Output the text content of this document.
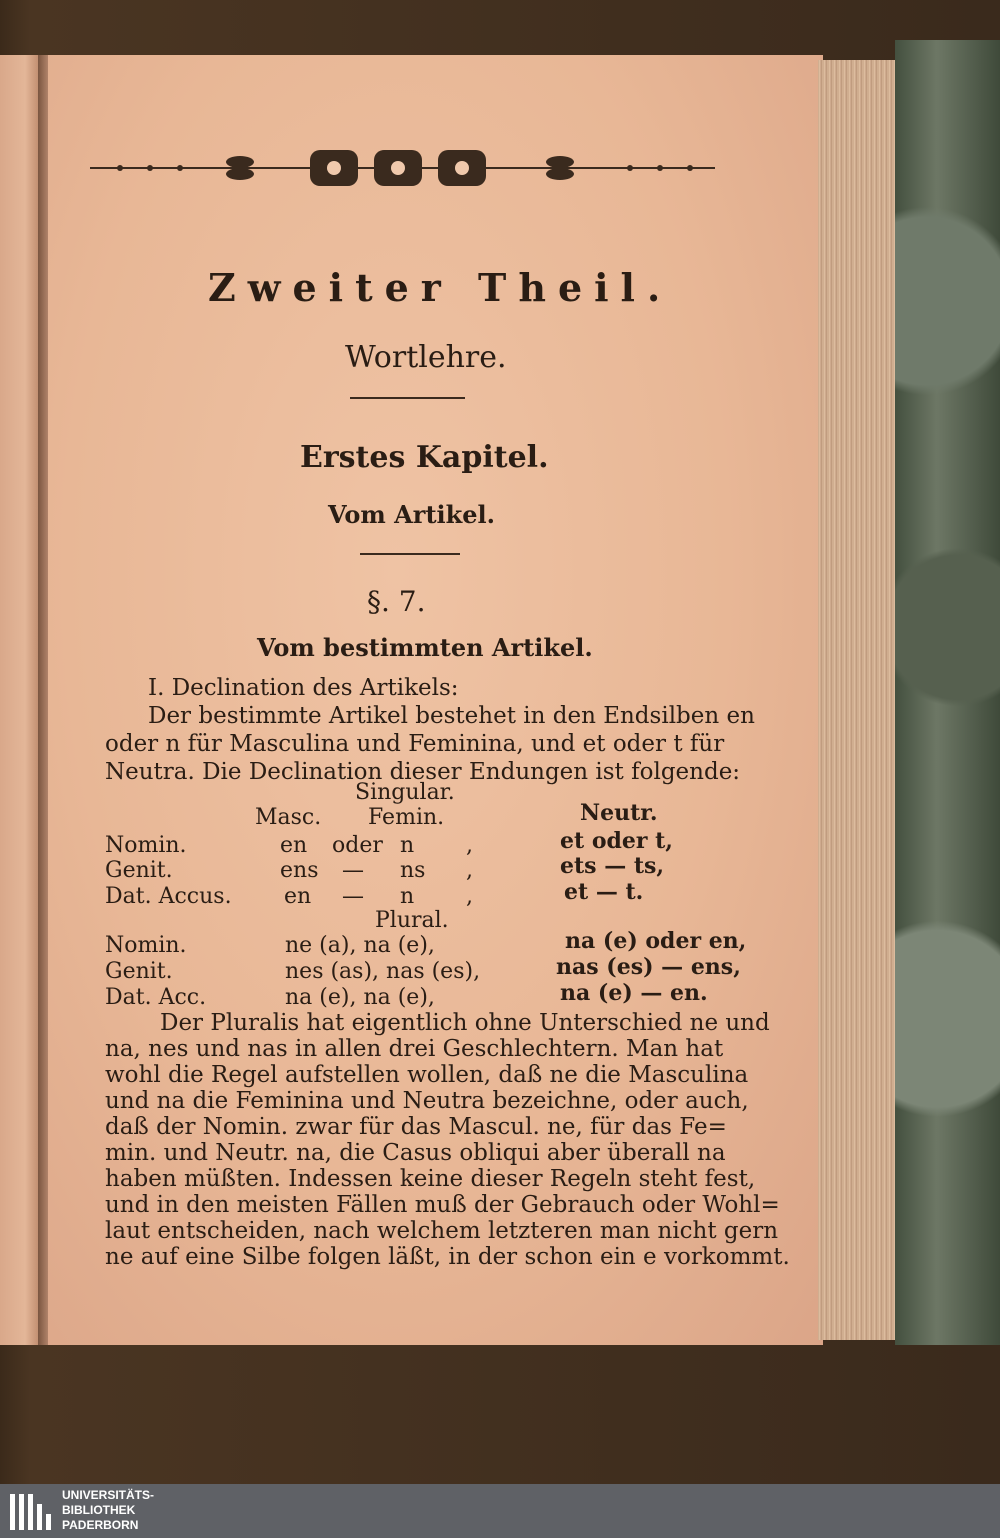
Zweiter Theil.
Wortlehre.
Erstes Kapitel.
Vom Artikel.
§. 7.
Vom bestimmten Artikel.
I. Declination des Artikels:
Der bestimmte Artikel bestehet in den Endsilben en
oder n für Masculina und Feminina, und et oder t für
Neutra. Die Declination dieser Endungen ist folgende:
Singular.
Masc. Femin.	Neutr.
Nomin.	en oder n ,	et oder t,
Genit.	ens — ns ,	ets — ts,
Dat. Accus. en — n ,	et — t.
Plural.
Nomin.	ne (a), na (e),	na (e) oder en,
Genit.	nes (as), nas (es),	nas (es) — ens,
Dat. Acc.	na (e), na (e),	na (e) — en.
Der Pluralis hat eigentlich ohne Unterschied ne und
na, nes und nas in allen drei Geschlechtern. Man hat
wohl die Regel aufstellen wollen, daß ne die Masculina
und na die Feminina und Neutra bezeichne, oder auch,
daß der Nomin. zwar für das Mascul. ne, für das Fe=
min. und Neutr. na, die Casus obliqui aber überall na
haben müßten. Indessen keine dieser Regeln steht fest,
und in den meisten Fällen muß der Gebrauch oder Wohl=
laut entscheiden, nach welchem letzteren man nicht gern
ne auf eine Silbe folgen läßt, in der schon ein e vorkommt.
UNIVERSITÄTS-
BIBLIOTHEK
PADERBORN
